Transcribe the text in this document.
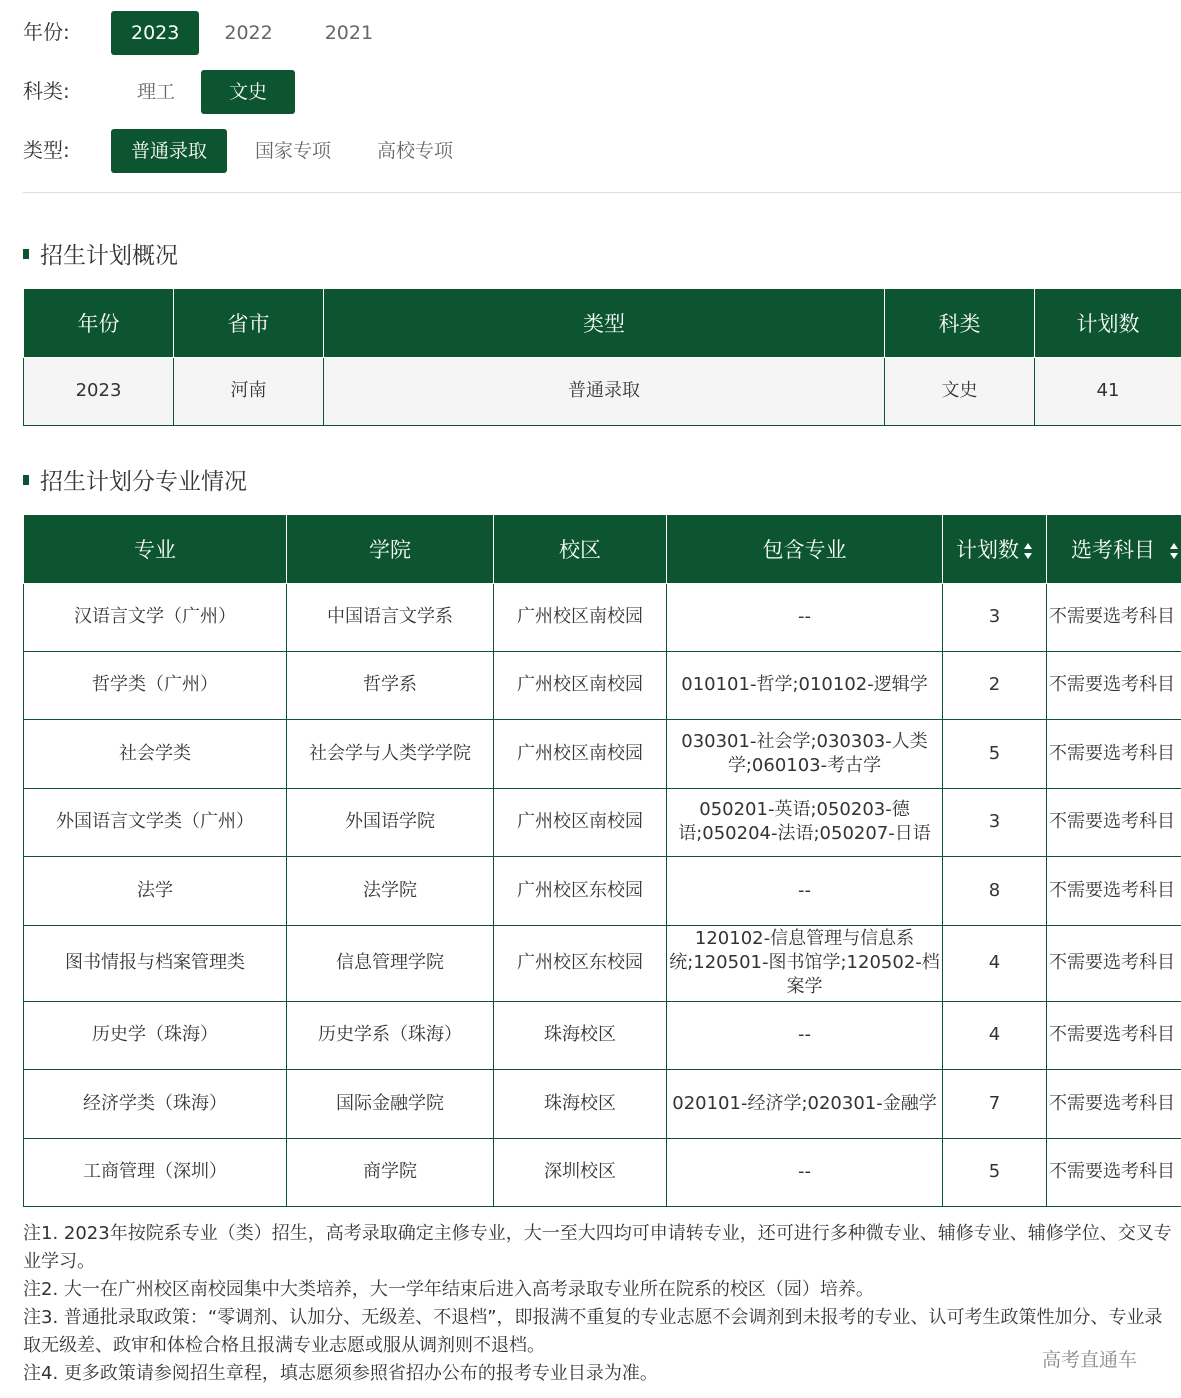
年份:	2023	2022	2021
科类:	理工	文史
类型:	普通录取	国家专项	高校专项
招生计划概况
年份	省市	类型	科类	计划数
2023	河南	普通录取	文史	41
招生计划分专业情况
专业	学院	校区	包含专业	计划数	选考科目
汉语言文学（广州）	中国语言文学系	广州校区南校园	--	3	不需要选考科目
哲学类（广州）	哲学系	广州校区南校园	010101-哲学;010102-逻辑学	2	不需要选考科目
社会学类	社会学与人类学学院	广州校区南校园	030301-社会学;030303-人类学;060103-考古学	5	不需要选考科目
外国语言文学类（广州）	外国语学院	广州校区南校园	050201-英语;050203-德语;050204-法语;050207-日语	3	不需要选考科目
法学	法学院	广州校区东校园	--	8	不需要选考科目
图书情报与档案管理类	信息管理学院	广州校区东校园	120102-信息管理与信息系统;120501-图书馆学;120502-档案学	4	不需要选考科目
历史学（珠海）	历史学系（珠海）	珠海校区	--	4	不需要选考科目
经济学类（珠海）	国际金融学院	珠海校区	020101-经济学;020301-金融学	7	不需要选考科目
工商管理（深圳）	商学院	深圳校区	--	5	不需要选考科目

注1. 2023年按院系专业（类）招生，高考录取确定主修专业，大一至大四均可申请转专业，还可进行多种微专业、辅修专业、辅修学位、交叉专业学习。

注2. 大一在广州校区南校园集中大类培养，大一学年结束后进入高考录取专业所在院系的校区（园）培养。

注3. 普通批录取政策：“零调剂、认加分、无级差、不退档”，即报满不重复的专业志愿不会调剂到未报考的专业、认可考生政策性加分、专业录取无级差、政审和体检合格且报满专业志愿或服从调剂则不退档。

注4. 更多政策请参阅招生章程，填志愿须参照省招办公布的报考专业目录为准。

高考直通车
